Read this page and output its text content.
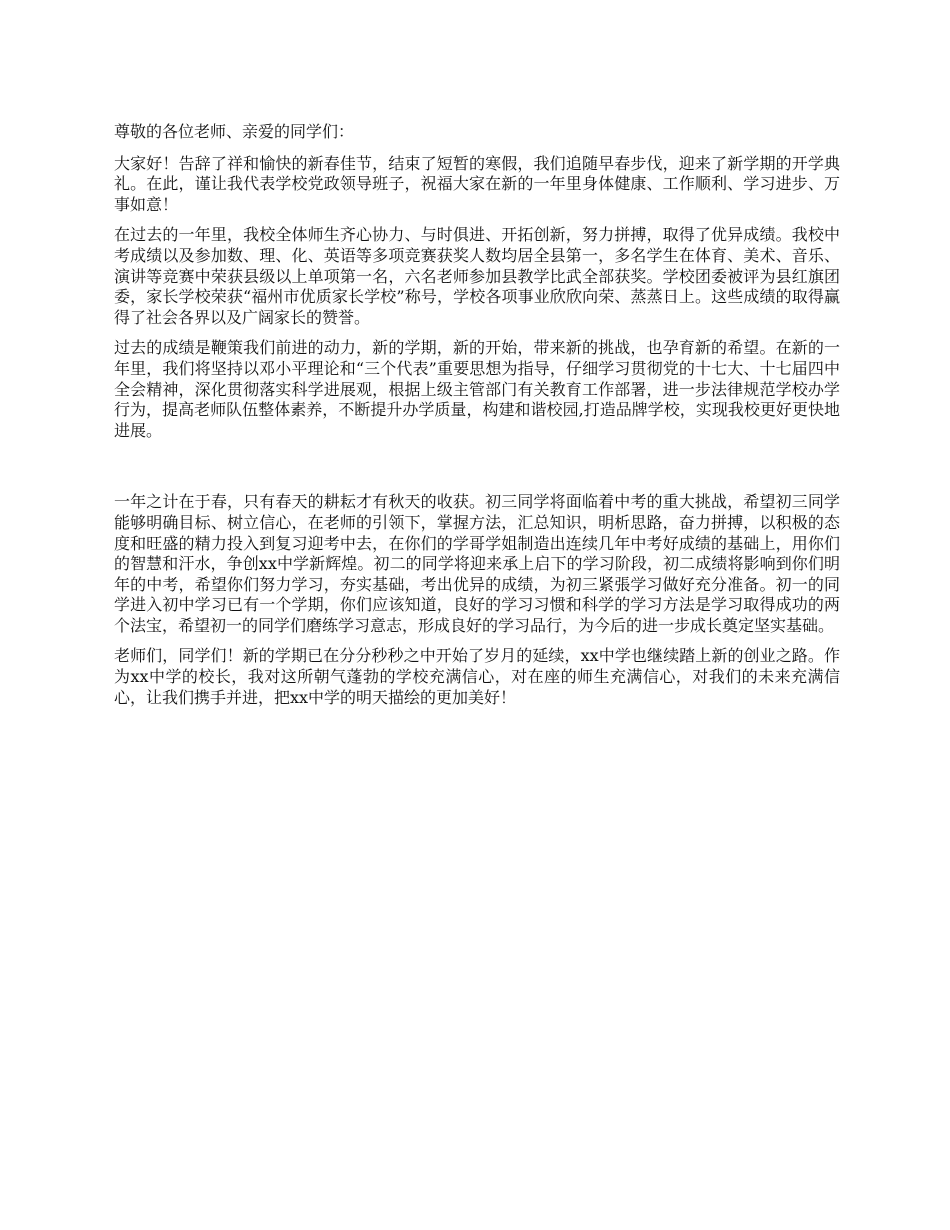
尊敬的各位老师、亲爱的同学们：

大家好！告辞了祥和愉快的新春佳节，结束了短暂的寒假，我们追随早春步伐，迎来了新学期的开学典礼。在此，谨让我代表学校党政领导班子，祝福大家在新的一年里身体健康、工作顺利、学习进步、万事如意！

在过去的一年里，我校全体师生齐心协力、与时俱进、开拓创新，努力拼搏，取得了优异成绩。我校中考成绩以及参加数、理、化、英语等多项竞赛获奖人数均居全县第一，多名学生在体育、美术、音乐、演讲等竞赛中荣获县级以上单项第一名，六名老师参加县教学比武全部获奖。学校团委被评为县红旗团委，家长学校荣获“福州市优质家长学校”称号，学校各项事业欣欣向荣、蒸蒸日上。这些成绩的取得赢得了社会各界以及广阔家长的赞誉。

过去的成绩是鞭策我们前进的动力，新的学期，新的开始，带来新的挑战，也孕育新的希望。在新的一年里，我们将坚持以邓小平理论和“三个代表”重要思想为指导，仔细学习贯彻党的十七大、十七届四中全会精神，深化贯彻落实科学进展观，根据上级主管部门有关教育工作部署，进一步法律规范学校办学行为，提高老师队伍整体素养，不断提升办学质量，构建和谐校园,打造品牌学校，实现我校更好更快地进展。

一年之计在于春，只有春天的耕耘才有秋天的收获。初三同学将面临着中考的重大挑战，希望初三同学能够明确目标、树立信心，在老师的引领下，掌握方法，汇总知识，明析思路，奋力拼搏，以积极的态度和旺盛的精力投入到复习迎考中去，在你们的学哥学姐制造出连续几年中考好成绩的基础上，用你们的智慧和汗水，争创xx中学新辉煌。初二的同学将迎来承上启下的学习阶段，初二成绩将影响到你们明年的中考，希望你们努力学习，夯实基础，考出优异的成绩，为初三紧張学习做好充分准备。初一的同学进入初中学习已有一个学期，你们应该知道，良好的学习习惯和科学的学习方法是学习取得成功的两个法宝，希望初一的同学们磨练学习意志，形成良好的学习品行，为今后的进一步成长奠定坚实基础。

老师们，同学们！新的学期已在分分秒秒之中开始了岁月的延续，xx中学也继续踏上新的创业之路。作为xx中学的校长，我对这所朝气蓬勃的学校充满信心，对在座的师生充满信心，对我们的未来充满信心，让我们携手并进，把xx中学的明天描绘的更加美好！
